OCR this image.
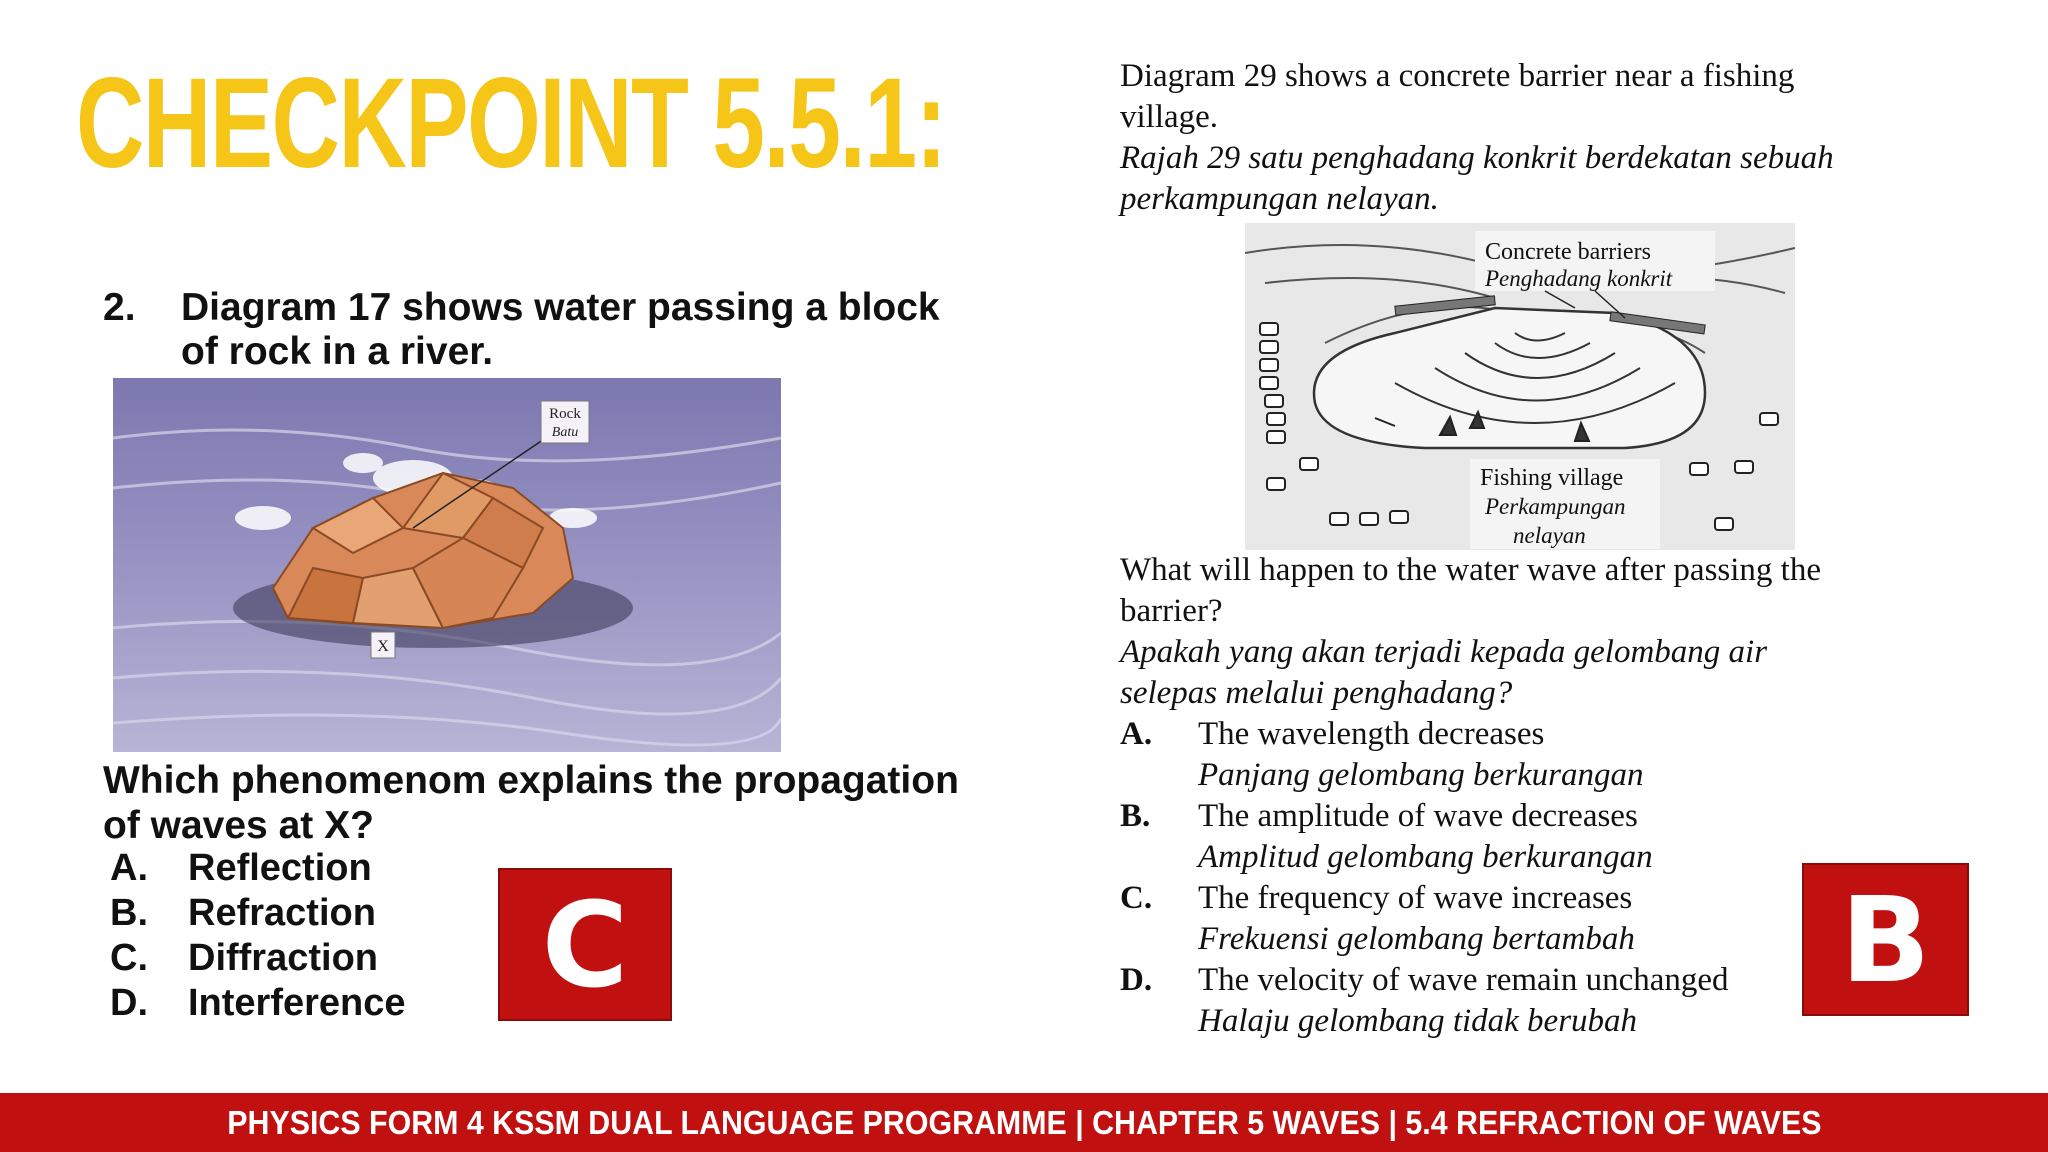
CHECKPOINT 5.5.1:
2. Diagram 17 shows water passing a block
of rock in a river.
Rock
Batu
X
Which phenomenom explains the propagation
of waves at X?
A.	Reflection
B.	Refraction
C.	Diffraction
D.	Interference	C
Diagram 29 shows a concrete barrier near a fishing
village.
Rajah 29 satu penghadang konkrit berdekatan sebuah
perkampungan nelayan.
Concrete barriers
Penghadang konkrit
Fishing village
Perkampungan
nelayan
What will happen to the water wave after passing the
barrier?
Apakah yang akan terjadi kepada gelombang air
selepas melalui penghadang?
A. The wavelength decreases
Panjang gelombang berkurangan
B. The amplitude of wave decreases
Amplitud gelombang berkurangan
C. The frequency of wave increases
Frekuensi gelombang bertambah
D. The velocity of wave remain unchanged
Halaju gelombang tidak berubah
B
PHYSICS FORM 4 KSSM DUAL LANGUAGE PROGRAMME | CHAPTER 5 WAVES | 5.4 REFRACTION OF WAVES
